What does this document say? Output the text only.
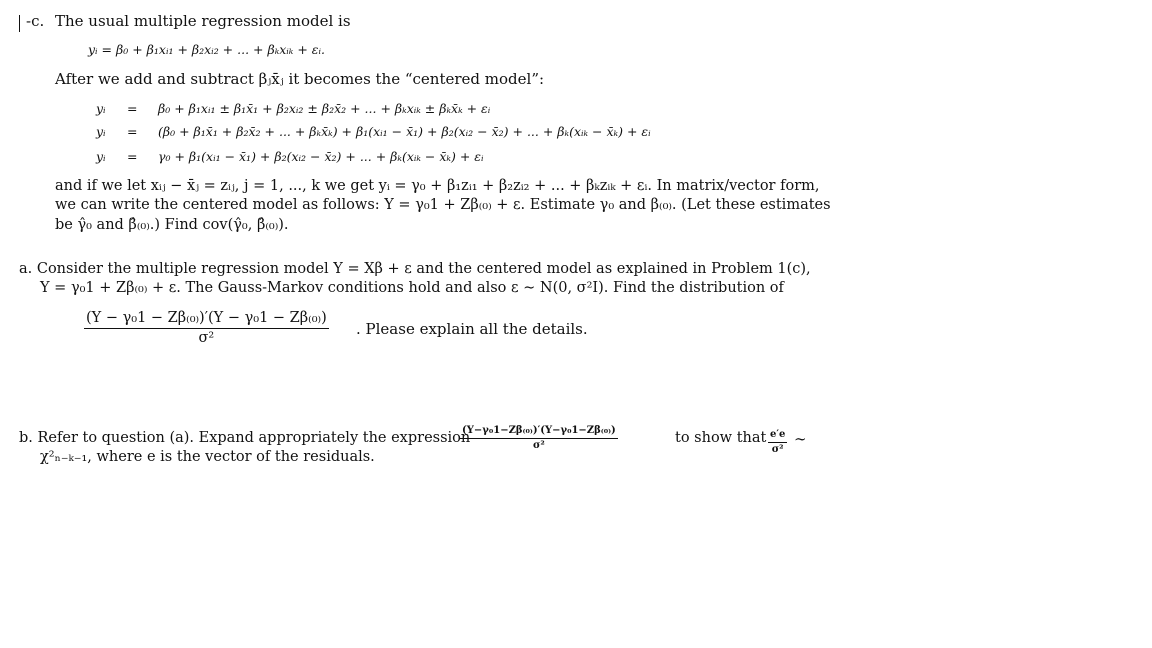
-c. The usual multiple regression model is
yᵢ = β₀ + β₁xᵢ₁ + β₂xᵢ₂ + ... + βₖxᵢₖ + εᵢ.
After we add and subtract βⱼx̄ⱼ it becomes the “centered model”:
yᵢ = β₀ + β₁xᵢ₁ ± β₁x̄₁ + β₂xᵢ₂ ± β₂x̄₂ + ... + βₖxᵢₖ ± βₖx̄ₖ + εᵢ
yᵢ = (β₀ + β₁x̄₁ + β₂x̄₂ + ... + βₖx̄ₖ) + β₁(xᵢ₁ − x̄₁) + β₂(xᵢ₂ − x̄₂) + ... + βₖ(xᵢₖ − x̄ₖ) + εᵢ
yᵢ = γ₀ + β₁(xᵢ₁ − x̄₁) + β₂(xᵢ₂ − x̄₂) + ... + βₖ(xᵢₖ − x̄ₖ) + εᵢ
and if we let xᵢⱼ − x̄ⱼ = zᵢⱼ, j = 1, ..., k we get yᵢ = γ₀ + β₁zᵢ₁ + β₂zᵢ₂ + ... + βₖzᵢₖ + εᵢ. In matrix/vector form,
we can write the centered model as follows: Y = γ₀1 + Zβ₍₀₎ + ε. Estimate γ₀ and β₍₀₎. (Let these estimates
be γ̂₀ and β̂₍₀₎.) Find cov(γ̂₀, β̂₍₀₎).
a. Consider the multiple regression model Y = Xβ + ε and the centered model as explained in Problem 1(c),
Y = γ₀1 + Zβ₍₀₎ + ε. The Gauss-Markov conditions hold and also ε ∼ N(0, σ²I). Find the distribution of
$\frac{\text{(Y − γ₀1 − Zβ₍₀₎)′(Y − γ₀1 − Zβ₍₀₎)}}{\text{σ²}}$ . Please explain all the details.
b. Refer to question (a). Expand appropriately the expression
$\frac{\text{(Y−γ₀1−Zβ₍₀₎)′(Y−γ₀1−Zβ₍₀₎)}}{\text{σ²}}$	to show that $\frac{e'e}{\text{σ²}}$ ∼
χ²ₙ₋ₖ₋₁, where e is the vector of the residuals.
